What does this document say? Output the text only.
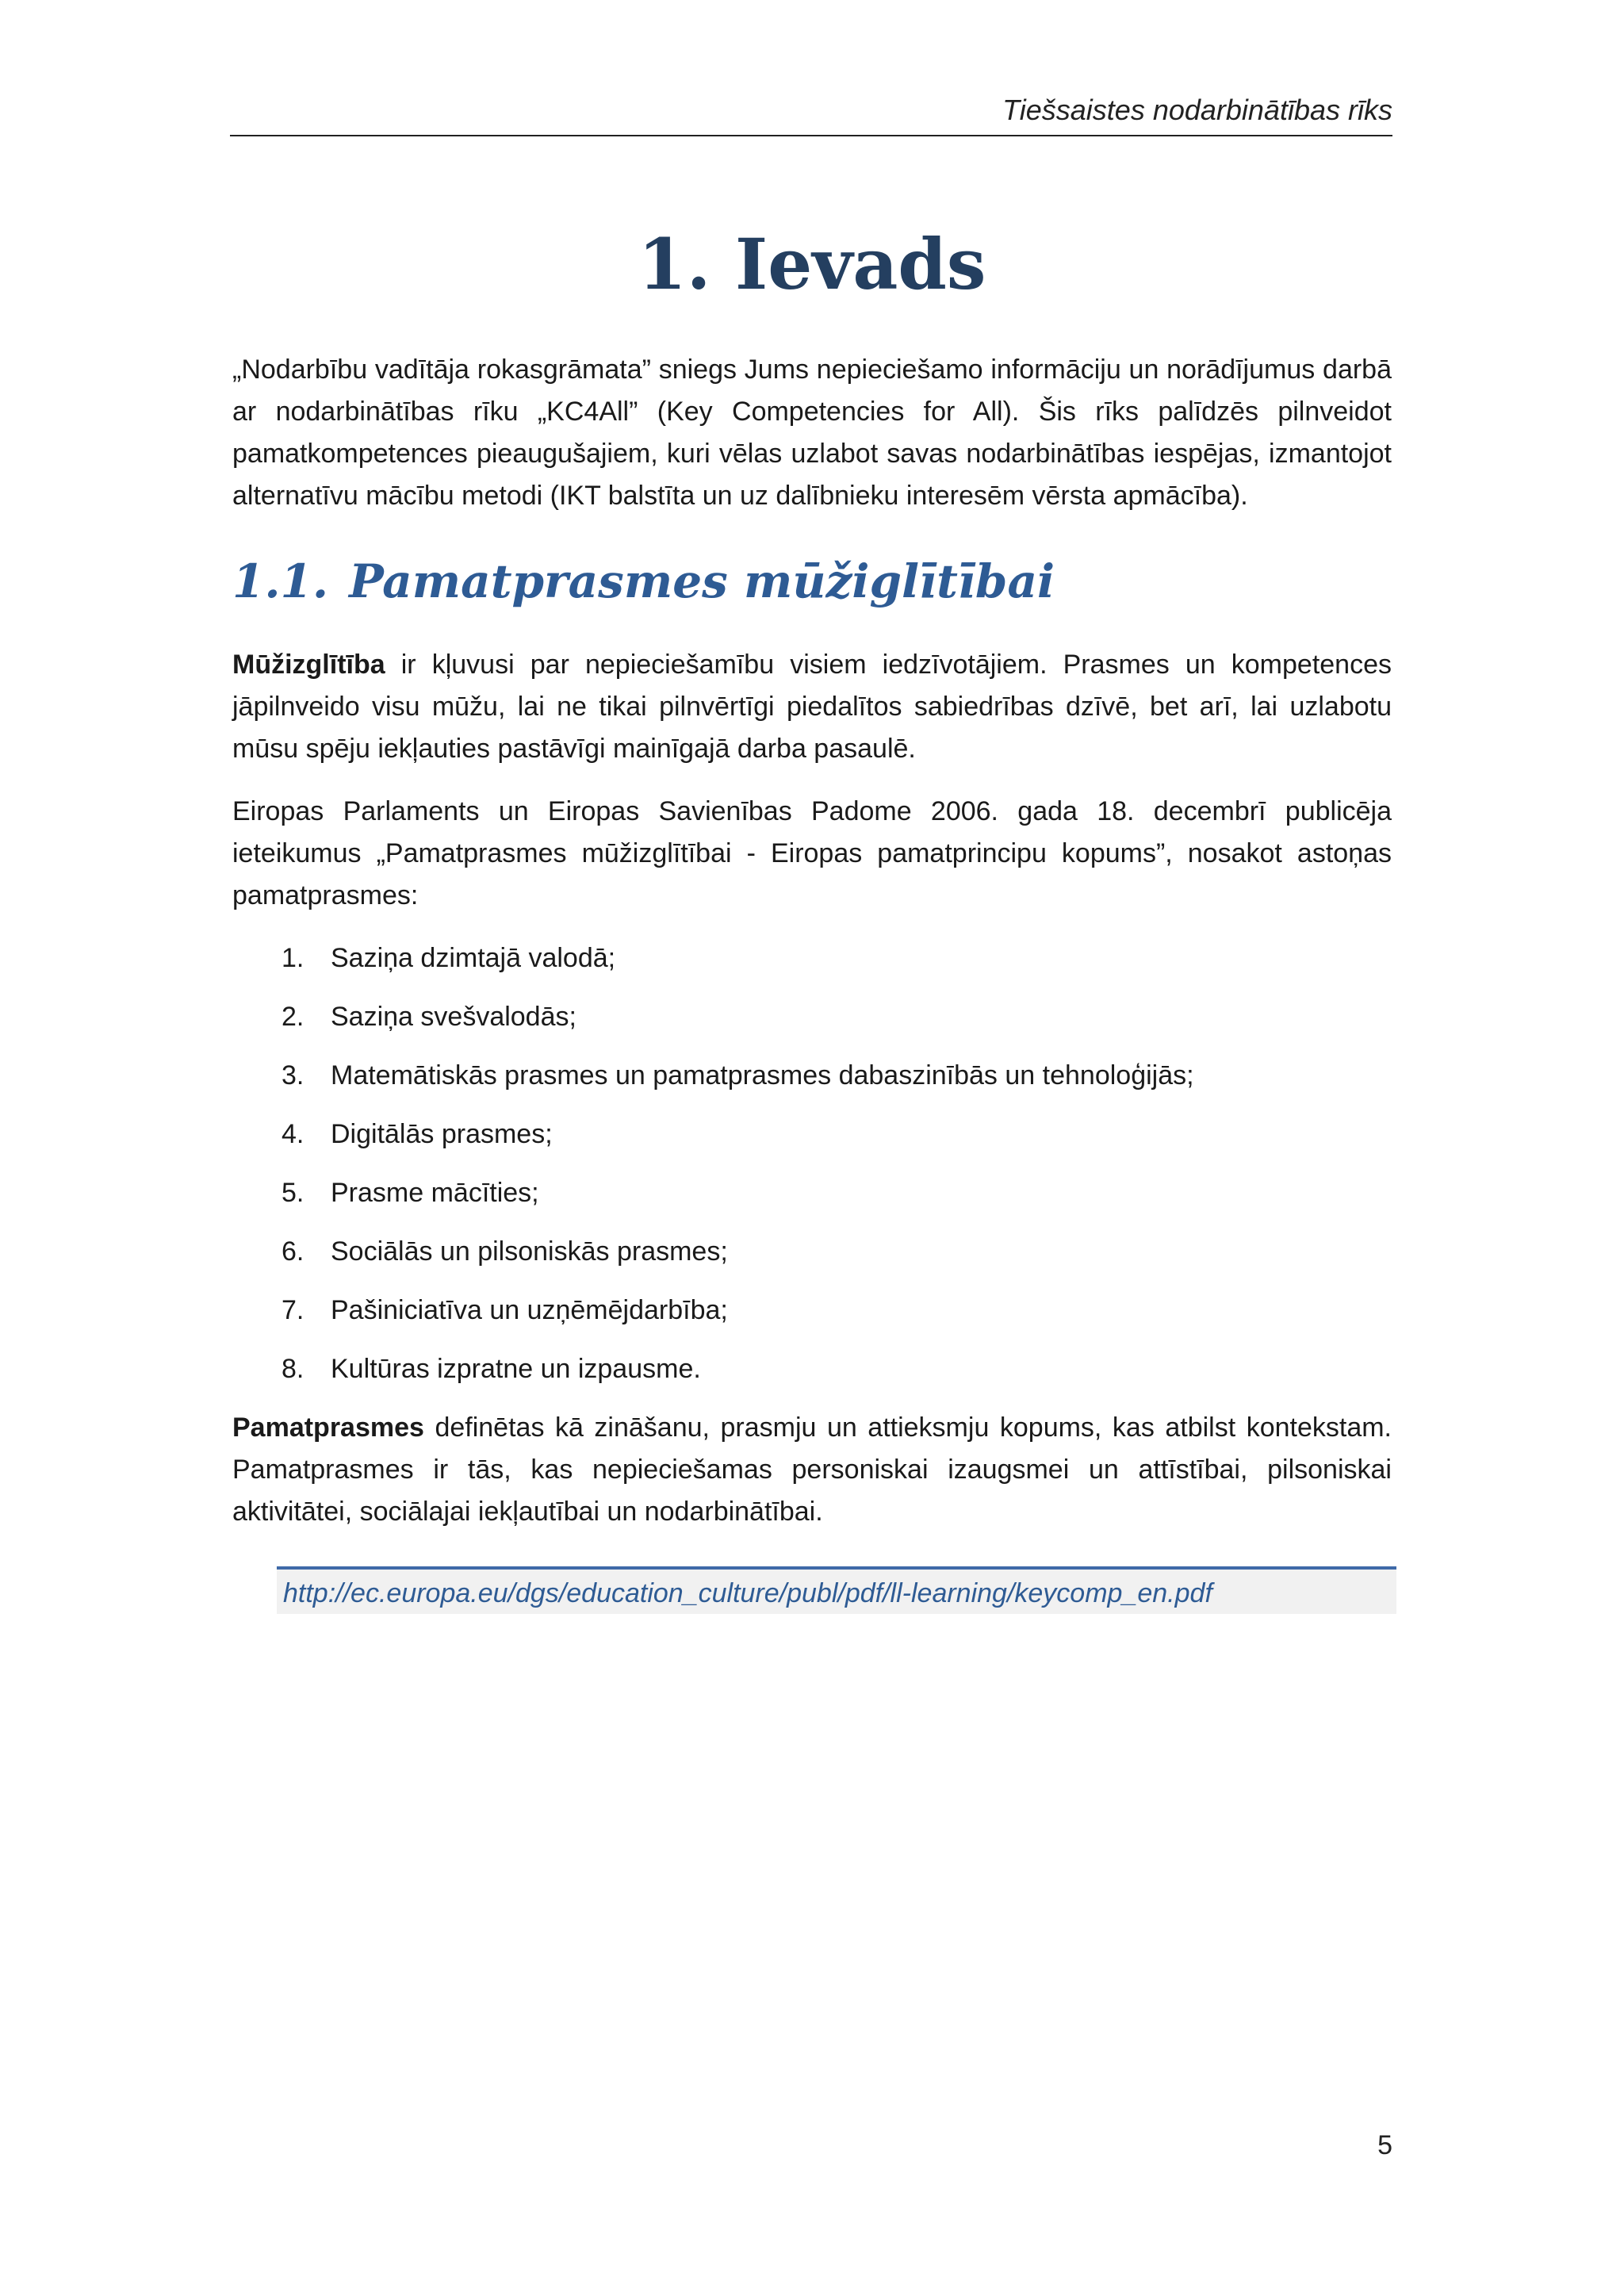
Tiešsaistes nodarbinātības rīks
1. Ievads

„Nodarbību vadītāja rokasgrāmata” sniegs Jums nepieciešamo informāciju un norādījumus darbā ar nodarbinātības rīku „KC4All” (Key Competencies for All). Šis rīks palīdzēs pilnveidot pamatkompetences pieaugušajiem, kuri vēlas uzlabot savas nodarbinātības iespējas, izmantojot alternatīvu mācību metodi (IKT balstīta un uz dalībnieku interesēm vērsta apmācība).

1.1. Pamatprasmes mūžiglītībai

Mūžizglītība ir kļuvusi par nepieciešamību visiem iedzīvotājiem. Prasmes un kompetences jāpilnveido visu mūžu, lai ne tikai pilnvērtīgi piedalītos sabiedrības dzīvē, bet arī, lai uzlabotu mūsu spēju iekļauties pastāvīgi mainīgajā darba pasaulē.

Eiropas Parlaments un Eiropas Savienības Padome 2006. gada 18. decembrī publicēja ieteikumus „Pamatprasmes mūžizglītībai - Eiropas pamatprincipu kopums”, nosakot astoņas pamatprasmes:

1. Saziņa dzimtajā valodā;
2. Saziņa svešvalodās;
3. Matemātiskās prasmes un pamatprasmes dabaszinībās un tehnoloģijās;
4. Digitālās prasmes;
5. Prasme mācīties;
6. Sociālās un pilsoniskās prasmes;
7. Pašiniciatīva un uzņēmējdarbība;
8. Kultūras izpratne un izpausme.

Pamatprasmes definētas kā zināšanu, prasmju un attieksmju kopums, kas atbilst kontekstam. Pamatprasmes ir tās, kas nepieciešamas personiskai izaugsmei un attīstībai, pilsoniskai aktivitātei, sociālajai iekļautībai un nodarbinātībai.

http://ec.europa.eu/dgs/education_culture/publ/pdf/ll-learning/keycomp_en.pdf
5
